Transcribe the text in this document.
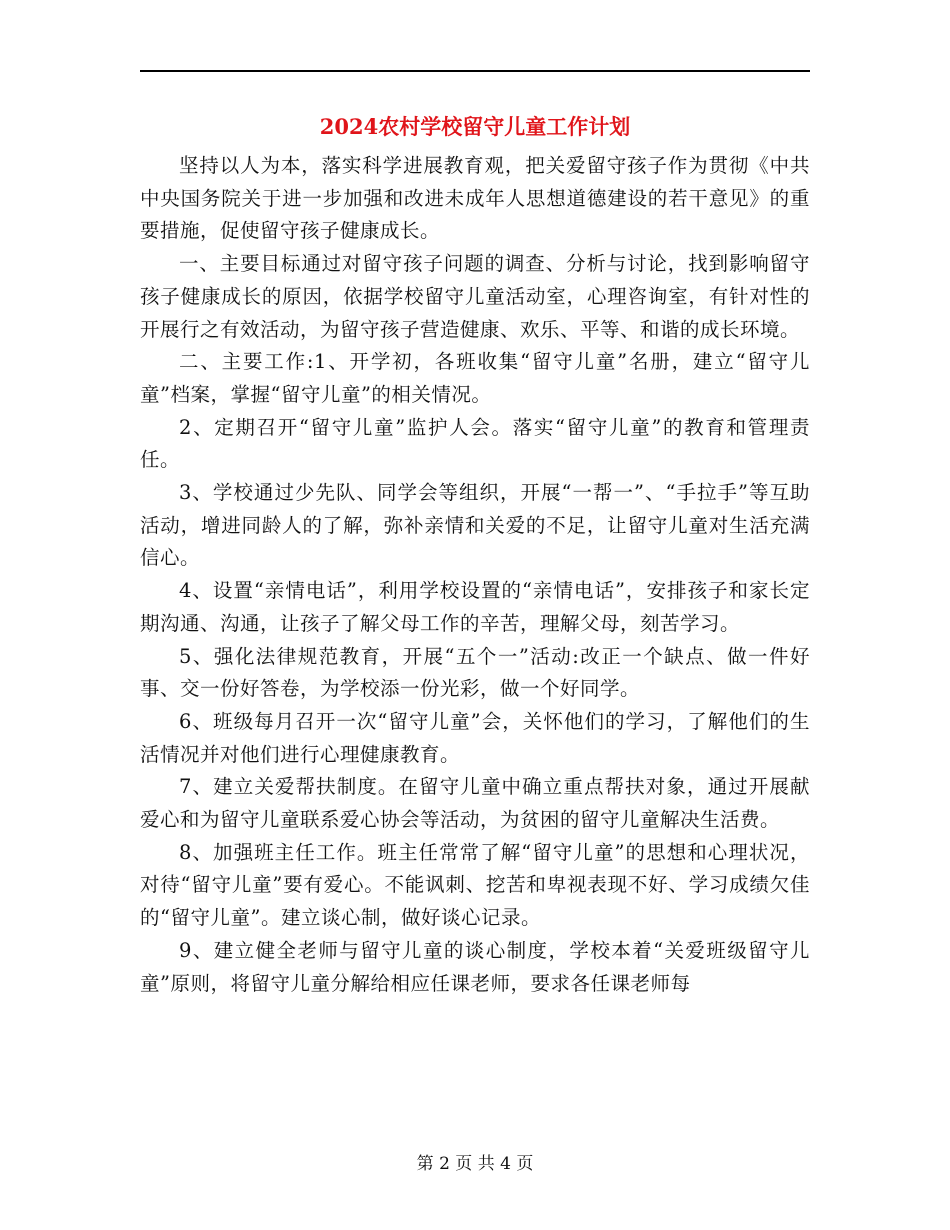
2024农村学校留守儿童工作计划

坚持以人为本，落实科学进展教育观，把关爱留守孩子作为贯彻《中共中央国务院关于进一步加强和改进未成年人思想道德建设的若干意见》的重要措施，促使留守孩子健康成长。

一、主要目标通过对留守孩子问题的调查、分析与讨论，找到影响留守孩子健康成长的原因，依据学校留守儿童活动室，心理咨询室，有针对性的开展行之有效活动，为留守孩子营造健康、欢乐、平等、和谐的成长环境。

二、主要工作:1、开学初，各班收集“留守儿童”名册，建立“留守儿童”档案，掌握“留守儿童”的相关情况。

2、定期召开“留守儿童”监护人会。落实“留守儿童”的教育和管理责任。

3、学校通过少先队、同学会等组织，开展“一帮一”、“手拉手”等互助活动，增进同龄人的了解，弥补亲情和关爱的不足，让留守儿童对生活充满信心。

4、设置“亲情电话”，利用学校设置的“亲情电话”，安排孩子和家长定期沟通、沟通，让孩子了解父母工作的辛苦，理解父母，刻苦学习。

5、强化法律规范教育，开展“五个一”活动:改正一个缺点、做一件好事、交一份好答卷，为学校添一份光彩，做一个好同学。

6、班级每月召开一次“留守儿童”会，关怀他们的学习，了解他们的生活情况并对他们进行心理健康教育。

7、建立关爱帮扶制度。在留守儿童中确立重点帮扶对象，通过开展献爱心和为留守儿童联系爱心协会等活动，为贫困的留守儿童解决生活费。

8、加强班主任工作。班主任常常了解“留守儿童”的思想和心理状况，对待“留守儿童”要有爱心。不能讽刺、挖苦和卑视表现不好、学习成绩欠佳的“留守儿童”。建立谈心制，做好谈心记录。

9、建立健全老师与留守儿童的谈心制度，学校本着“关爱班级留守儿童”原则，将留守儿童分解给相应任课老师，要求各任课老师每

第 2 页 共 4 页
